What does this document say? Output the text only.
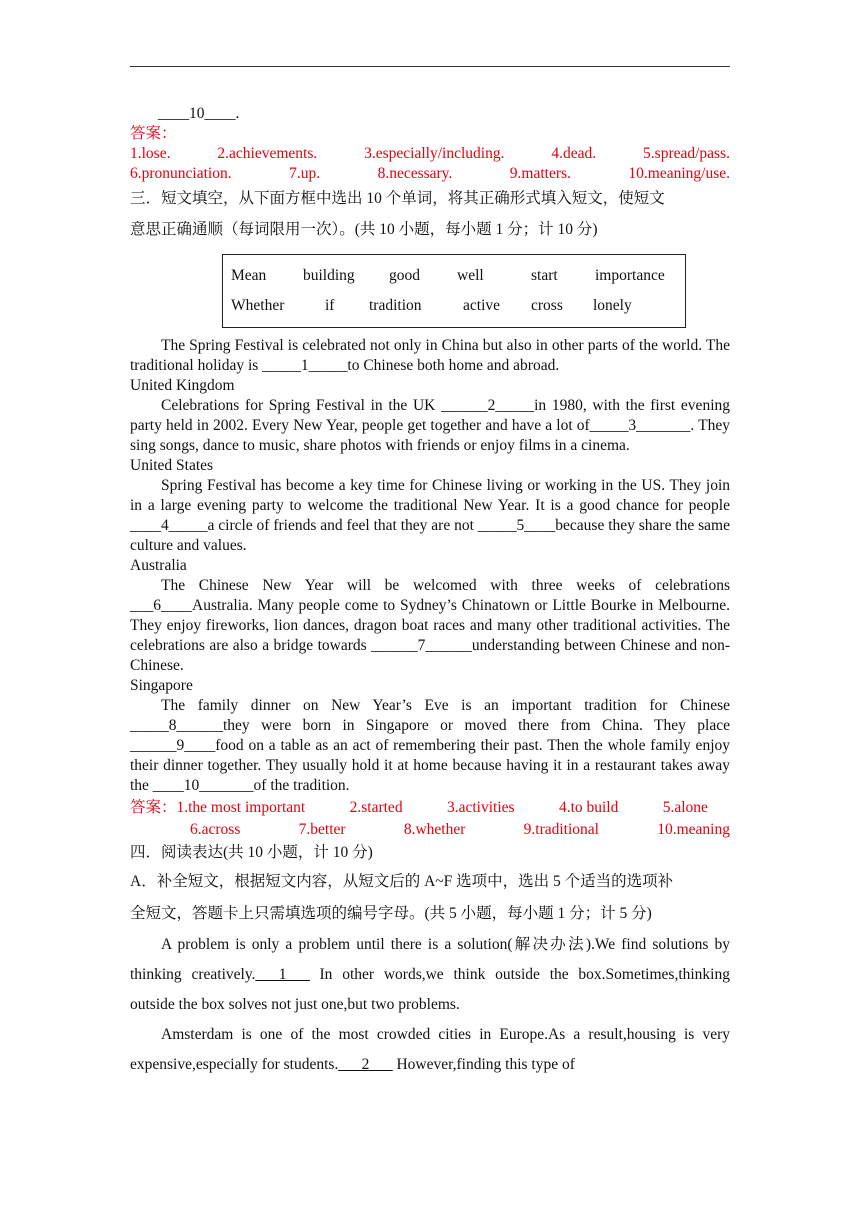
____10____.
答案：
1.lose.	2.achievements.	3.especially/including.	4.dead.	5.spread/pass.
6.pronunciation.	7.up.	8.necessary.	9.matters.	10.meaning/use.
三．短文填空，从下面方框中选出 10 个单词，将其正确形式填入短文，使短文
意思正确通顺（每词限用一次）。(共 10 小题，每小题 1 分；计 10 分)
Mean	building	good	well	start	importance
Whether	if	tradition	active	cross	lonely
The Spring Festival is celebrated not only in China but also in other parts of the world. The traditional holiday is _____1_____to Chinese both home and abroad.
United Kingdom
Celebrations for Spring Festival in the UK ______2_____in 1980, with the first evening party held in 2002. Every New Year, people get together and have a lot of_____3_______. They sing songs, dance to music, share photos with friends or enjoy films in a cinema.
United States
Spring Festival has become a key time for Chinese living or working in the US. They join in a large evening party to welcome the traditional New Year. It is a good chance for people ____4_____a circle of friends and feel that they are not _____5____because they share the same culture and values.
Australia
The Chinese New Year will be welcomed with three weeks of celebrations ___6____Australia. Many people come to Sydney’s Chinatown or Little Bourke in Melbourne. They enjoy fireworks, lion dances, dragon boat races and many other traditional activities. The celebrations are also a bridge towards ______7______understanding between Chinese and non-Chinese.
Singapore
The family dinner on New Year’s Eve is an important tradition for Chinese _____8______they were born in Singapore or moved there from China. They place ______9____food on a table as an act of remembering their past. Then the whole family enjoy their dinner together. They usually hold it at home because having it in a restaurant takes away the ____10_______of the tradition.
答案：1.the most important	2.started	3.activities	4.to build	5.alone
6.across	7.better	8.whether	9.traditional	10.meaning
四．阅读表达(共 10 小题，计 10 分)
A．补全短文，根据短文内容，从短文后的 A~F 选项中，选出 5 个适当的选项补
全短文，答题卡上只需填选项的编号字母。(共 5 小题，每小题 1 分；计 5 分)
A problem is only a problem until there is a solution(解决办法).We find solutions by thinking creatively.___1___ In other words,we think outside the box.Sometimes,thinking outside the box solves not just one,but two problems.
Amsterdam is one of the most crowded cities in Europe.As a result,housing is very expensive,especially for students.___2___ However,finding this type of
